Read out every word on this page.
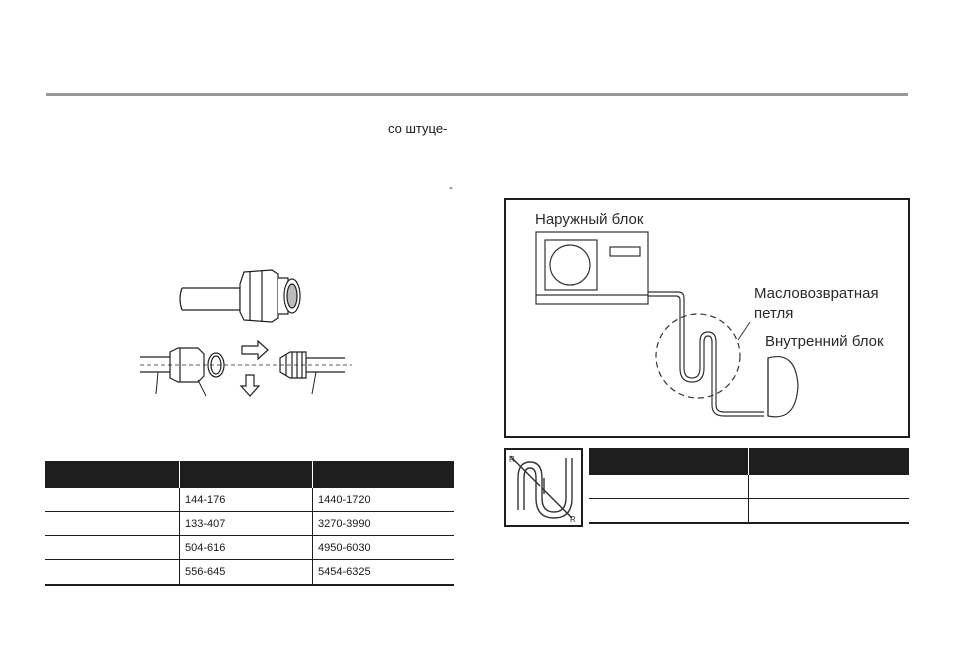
со штуце-
-

	144-176	1440-1720
	133-407	3270-3990
	504-616	4950-6030
	556-645	5454-6325
Наружный блок
Масловозвратная
петля
Внутренний блок
R
R
